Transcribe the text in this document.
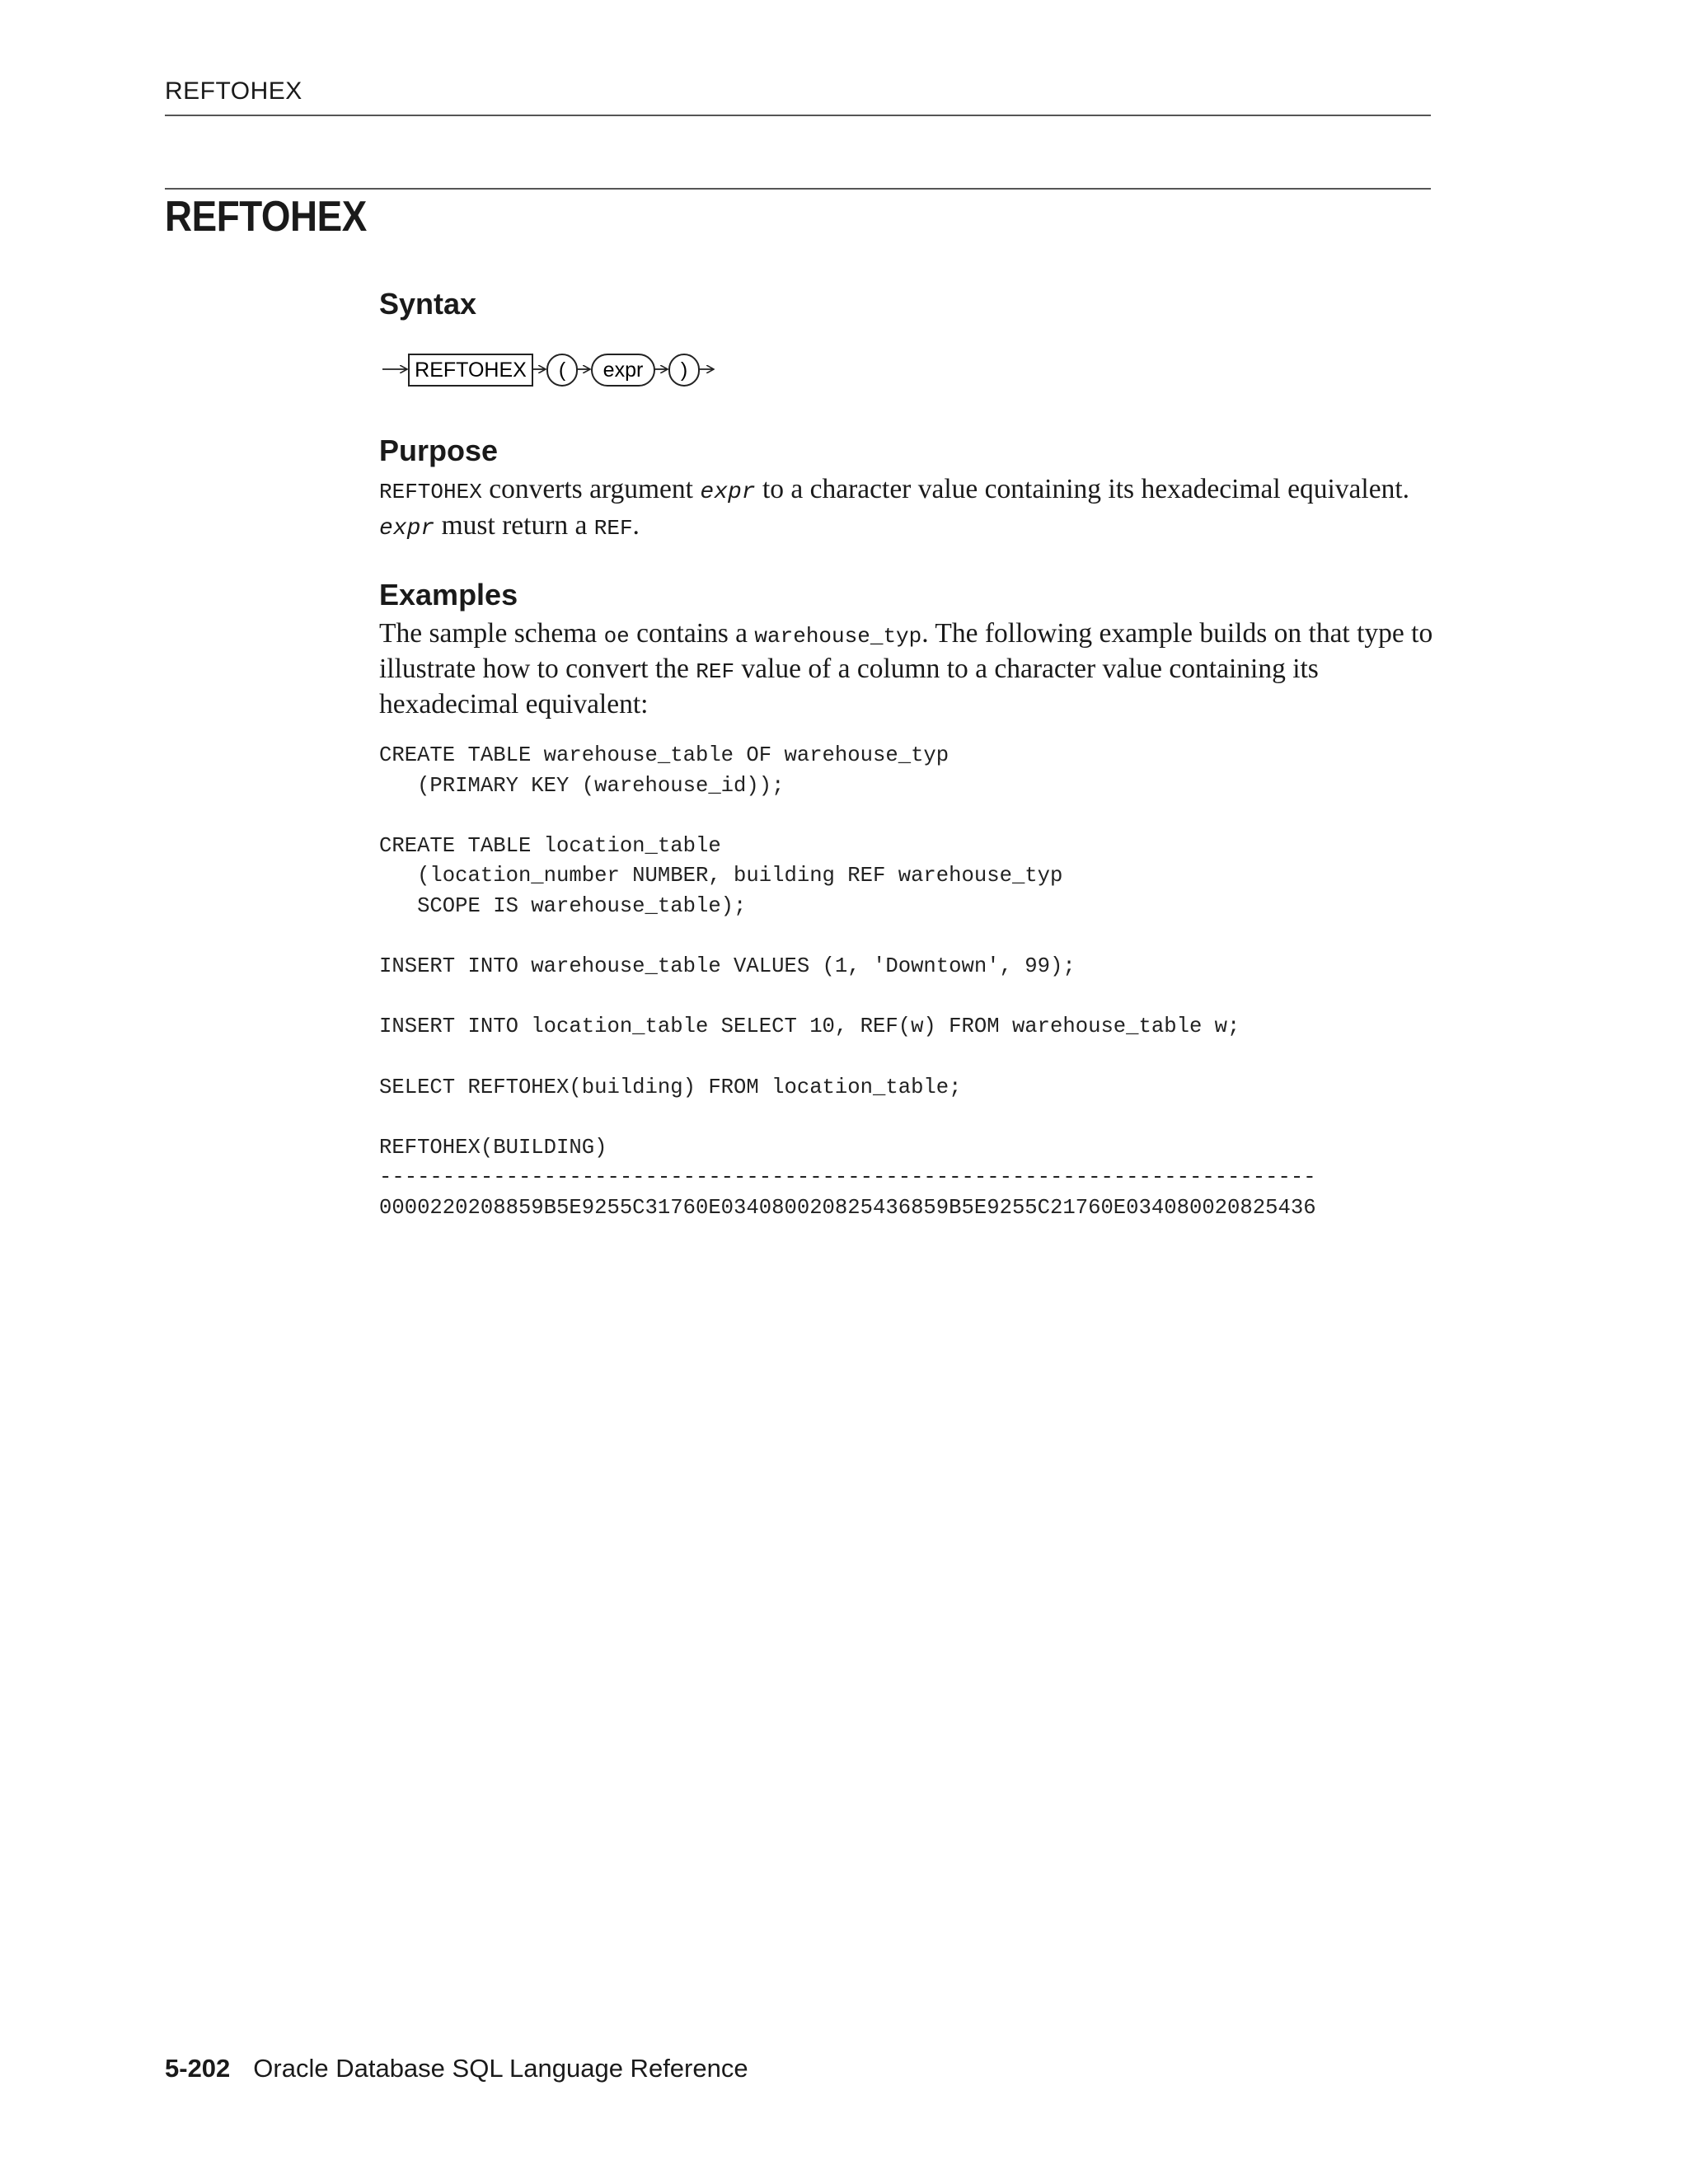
REFTOHEX
REFTOHEX
Syntax
REFTOHEX ( expr )
Purpose

REFTOHEX converts argument expr to a character value containing its hexadecimal equivalent. expr must return a REF.

Examples

The sample schema oe contains a warehouse_typ. The following example builds on that type to illustrate how to convert the REF value of a column to a character value containing its hexadecimal equivalent:

CREATE TABLE warehouse_table OF warehouse_typ
(PRIMARY KEY (warehouse_id));
CREATE TABLE location_table
(location_number NUMBER, building REF warehouse_typ
SCOPE IS warehouse_table);
INSERT INTO warehouse_table VALUES (1, 'Downtown', 99);
INSERT INTO location_table SELECT 10, REF(w) FROM warehouse_table w;
SELECT REFTOHEX(building) FROM location_table;
REFTOHEX(BUILDING)
--------------------------------------------------------------------------
0000220208859B5E9255C31760E034080020825436859B5E9255C21760E034080020825436
5-202 Oracle Database SQL Language Reference
